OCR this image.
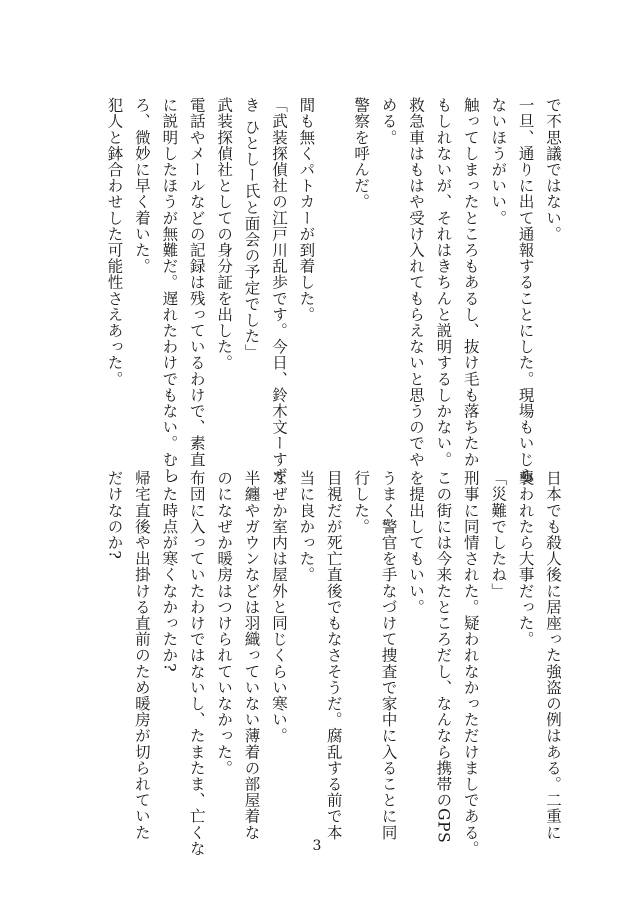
で不思議ではない。

一旦、通りに出て通報することにした。現場もいじら

ないほうがいい。

触ってしまったところもあるし、抜け毛も落ちたか

もしれないが、それはきちんと説明するしかない。

救急車はもはや受け入れてもらえないと思うのでや

める。

警察を呼んだ。

間も無くパトカーが到着した。

「武装探偵社の江戸川乱歩です。今日、鈴木文ーすず

き ひとしー氏と面会の予定でした」

武装探偵社としての身分証を出した。

電話やメールなどの記録は残っているわけで、素直

に説明したほうが無難だ。遅れたわけでもない。むし

ろ、微妙に早く着いた。

犯人と鉢合わせした可能性さえあった。

日本でも殺人後に居座った強盗の例はある。二重に

襲われたら大事だった。

「災難でしたね」

刑事に同情された。疑われなかっただけましである。

この街には今来たところだし、なんなら携帯のGPS

を提出してもいい。

うまく警官を手なづけて捜査で家中に入ることに同

行した。

目視だが死亡直後でもなさそうだ。腐乱する前で本

当に良かった。

なぜか室内は屋外と同じくらい寒い。

半纏やガウンなどは羽織っていない薄着の部屋着な

のになぜか暖房はつけられていなかった。

布団に入っていたわけではないし、たまたま、亡くな

った時点が寒くなかったか?

帰宅直後や出掛ける直前のため暖房が切られていた

だけなのか?

3
